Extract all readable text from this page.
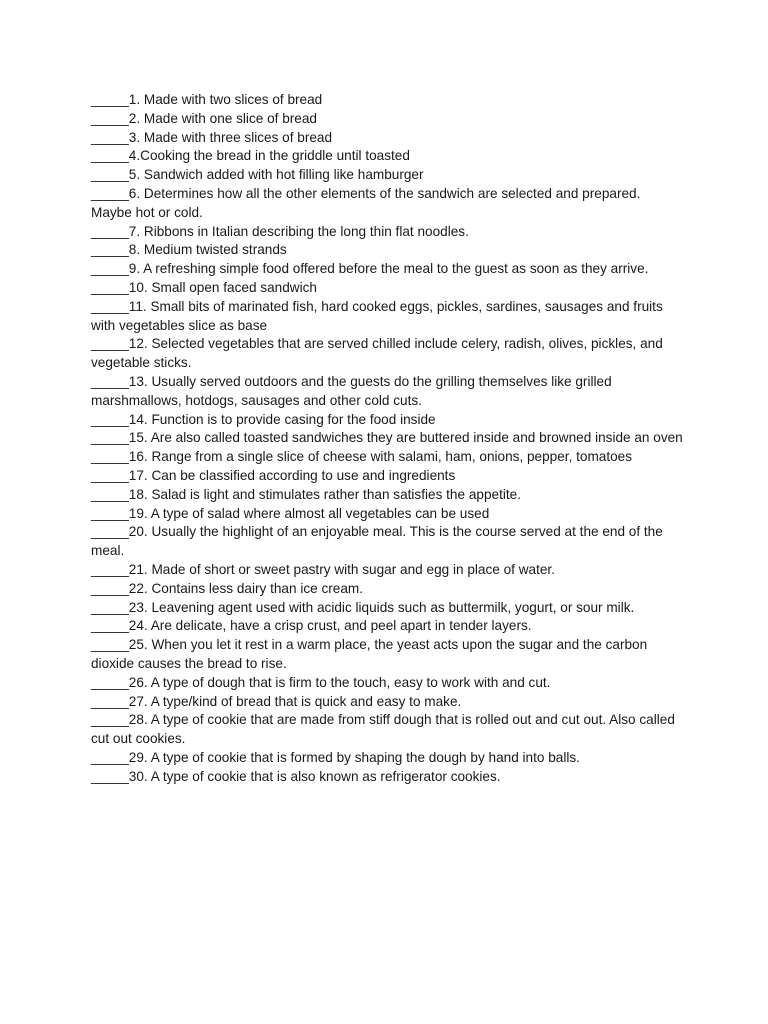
_____1. Made with two slices of bread
_____2. Made with one slice of bread
_____3. Made with three slices of bread
_____4.Cooking the bread in the griddle until toasted
_____5. Sandwich added with hot filling like hamburger
_____6. Determines how all the other elements of the sandwich are selected and prepared. Maybe hot or cold.
_____7. Ribbons in Italian describing the long thin flat noodles.
_____8. Medium twisted strands
_____9. A refreshing simple food offered before the meal to the guest as soon as they arrive.
_____10. Small open faced sandwich
_____11. Small bits of marinated fish, hard cooked eggs, pickles, sardines, sausages and fruits with vegetables slice as base
_____12. Selected vegetables that are served chilled include celery, radish, olives, pickles, and vegetable sticks.
_____13. Usually served outdoors and the guests do the grilling themselves like grilled marshmallows, hotdogs, sausages and other cold cuts.
_____14. Function is to provide casing for the food inside
_____15. Are also called toasted sandwiches they are buttered inside and browned inside an oven
_____16. Range from a single slice of cheese with salami, ham, onions, pepper, tomatoes
_____17. Can be classified according to use and ingredients
_____18. Salad is light and stimulates rather than satisfies the appetite.
_____19. A type of salad where almost all vegetables can be used
_____20. Usually the highlight of an enjoyable meal. This is the course served at the end of the meal.
_____21. Made of short or sweet pastry with sugar and egg in place of water.
_____22. Contains less dairy than ice cream.
_____23. Leavening agent used with acidic liquids such as buttermilk, yogurt, or sour milk.
_____24. Are delicate, have a crisp crust, and peel apart in tender layers.
_____25. When you let it rest in a warm place, the yeast acts upon the sugar and the carbon dioxide causes the bread to rise.
_____26. A type of dough that is firm to the touch, easy to work with and cut.
_____27. A type/kind of bread that is quick and easy to make.
_____28. A type of cookie that are made from stiff dough that is rolled out and cut out. Also called cut out cookies.
_____29. A type of cookie that is formed by shaping the dough by hand into balls.
_____30. A type of cookie that is also known as refrigerator cookies.
